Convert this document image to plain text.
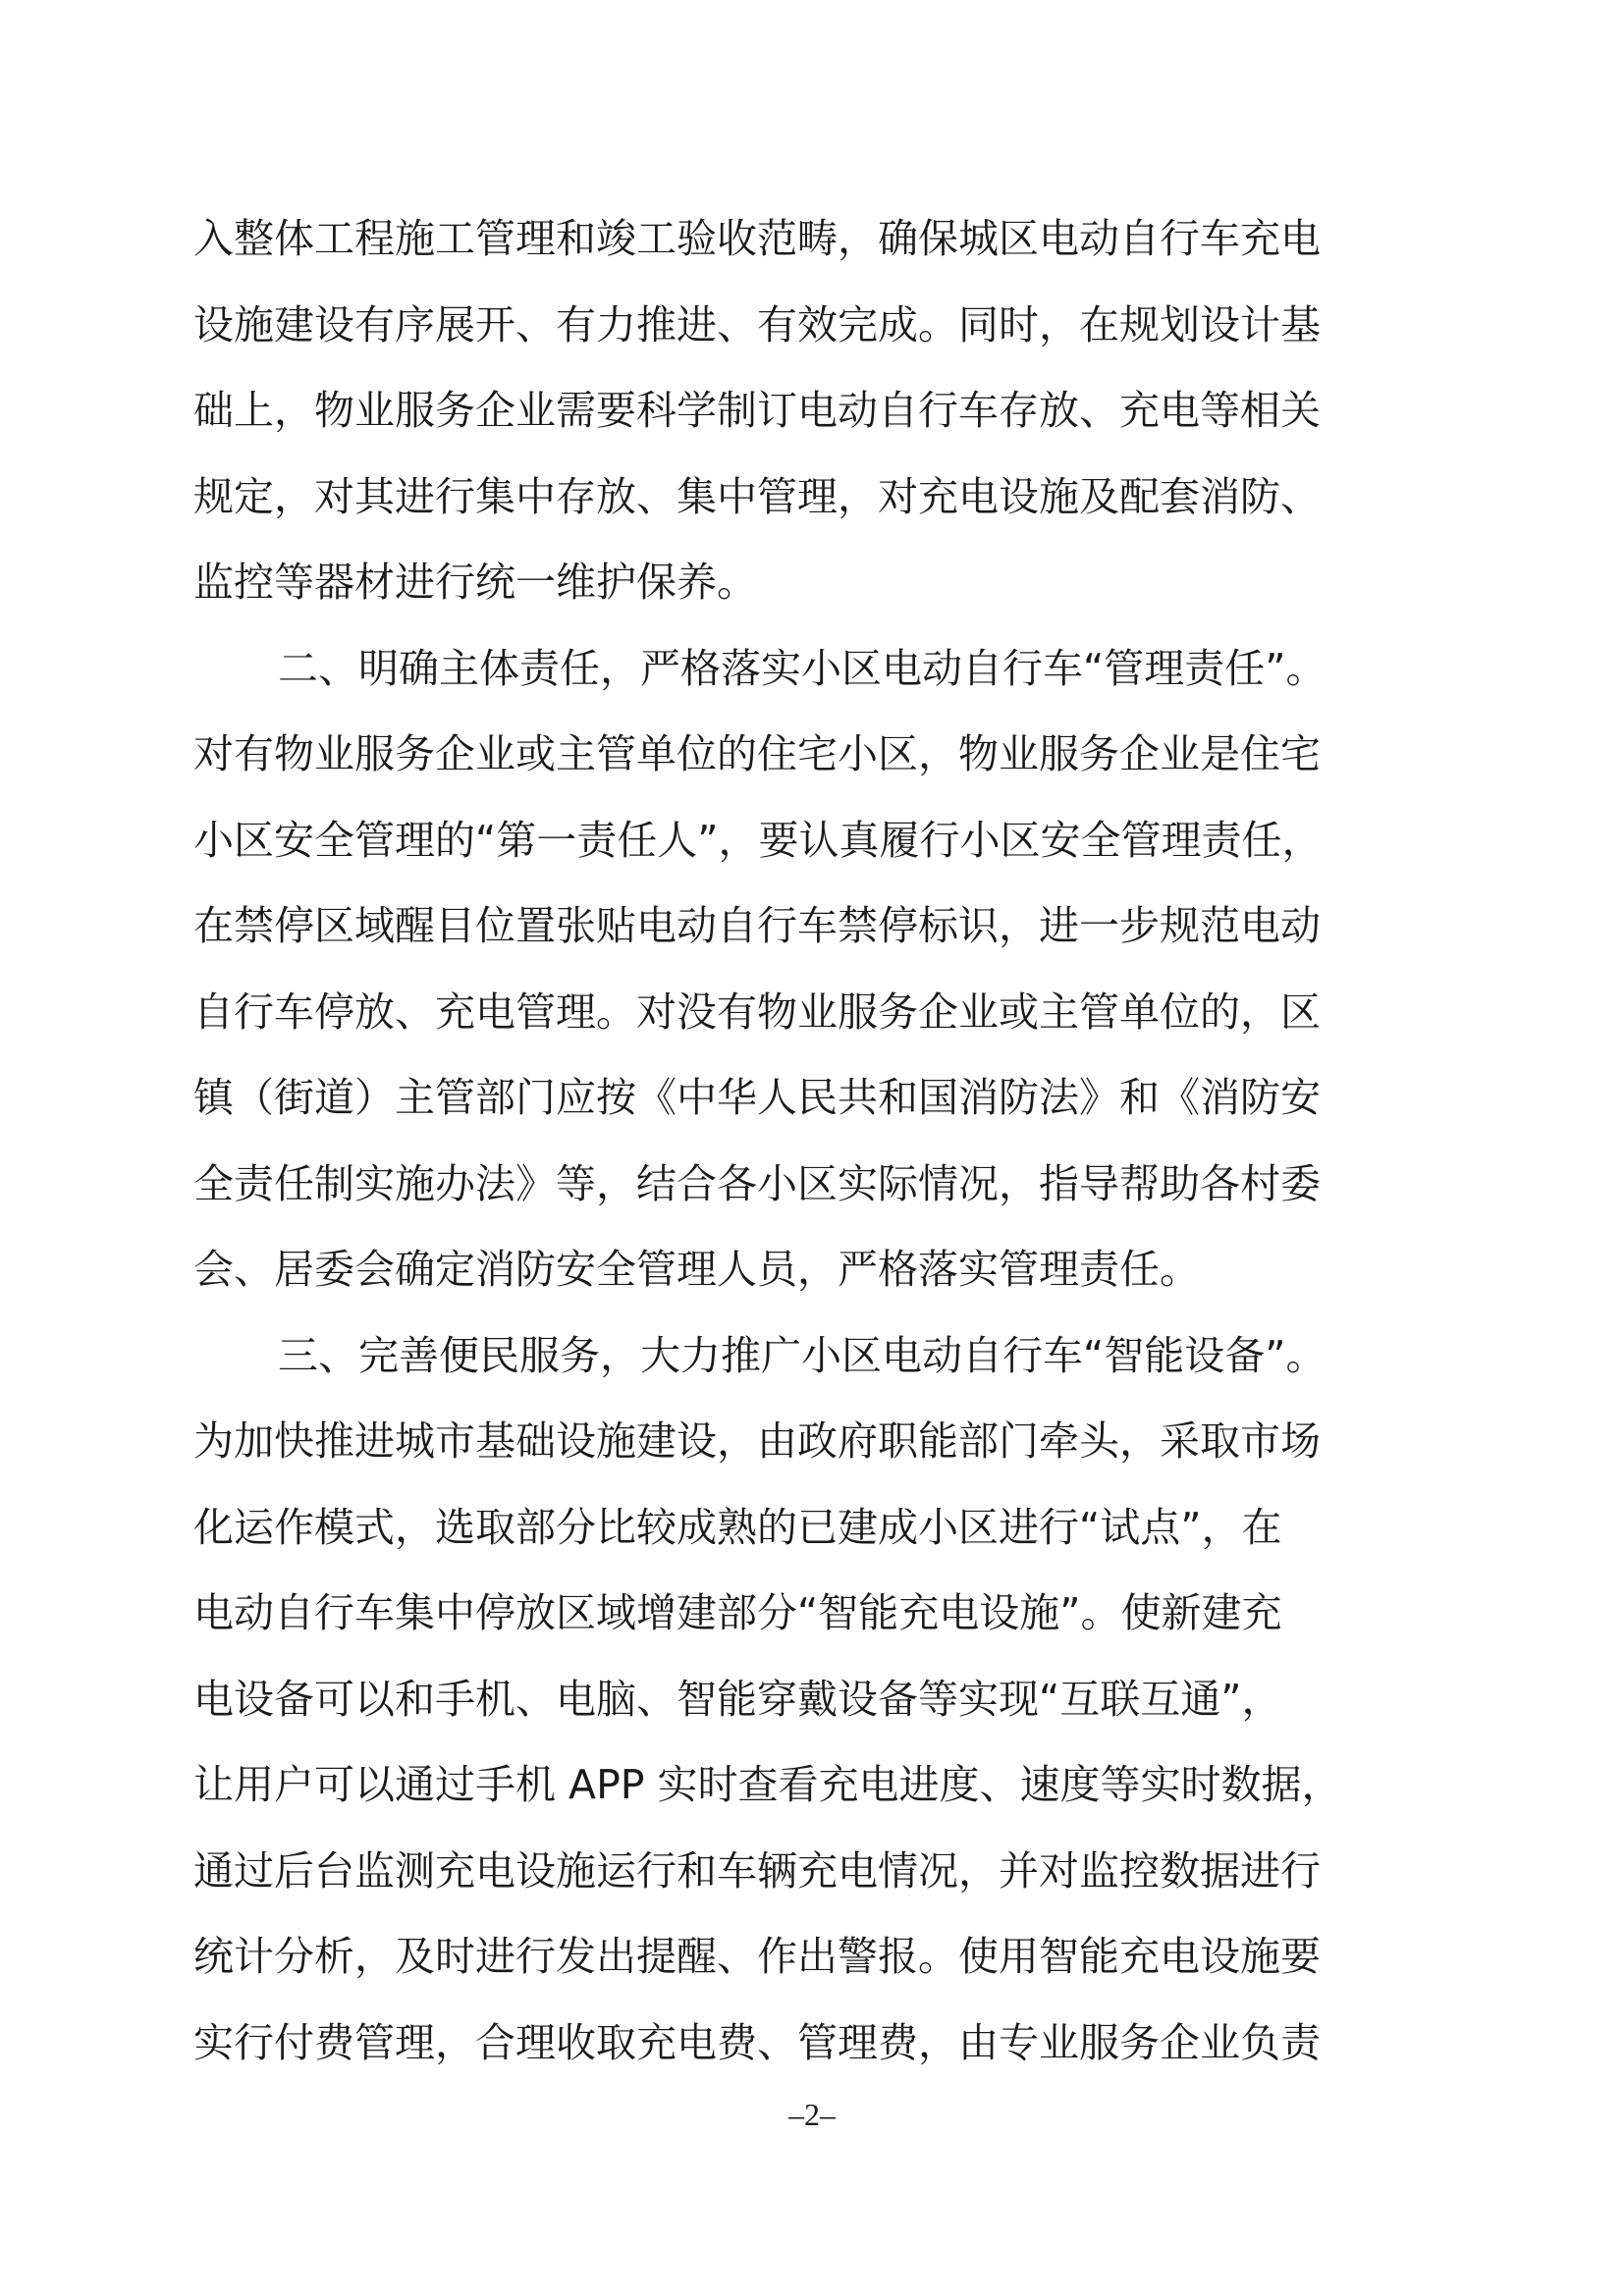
入整体工程施工管理和竣工验收范畴，确保城区电动自行车充电
设施建设有序展开、有力推进、有效完成。同时，在规划设计基
础上，物业服务企业需要科学制订电动自行车存放、充电等相关
规定，对其进行集中存放、集中管理，对充电设施及配套消防、
监控等器材进行统一维护保养。
二、明确主体责任，严格落实小区电动自行车“管理责任”。
对有物业服务企业或主管单位的住宅小区，物业服务企业是住宅
小区安全管理的“第一责任人”，要认真履行小区安全管理责任，
在禁停区域醒目位置张贴电动自行车禁停标识，进一步规范电动
自行车停放、充电管理。对没有物业服务企业或主管单位的，区
镇（街道）主管部门应按《中华人民共和国消防法》和《消防安
全责任制实施办法》等，结合各小区实际情况，指导帮助各村委
会、居委会确定消防安全管理人员，严格落实管理责任。
三、完善便民服务，大力推广小区电动自行车“智能设备”。
为加快推进城市基础设施建设，由政府职能部门牵头，采取市场
化运作模式，选取部分比较成熟的已建成小区进行“试点”，在
电动自行车集中停放区域增建部分“智能充电设施”。使新建充
电设备可以和手机、电脑、智能穿戴设备等实现“互联互通”，
让用户可以通过手机 APP 实时查看充电进度、速度等实时数据，
通过后台监测充电设施运行和车辆充电情况，并对监控数据进行
统计分析，及时进行发出提醒、作出警报。使用智能充电设施要
实行付费管理，合理收取充电费、管理费，由专业服务企业负责
–2–
